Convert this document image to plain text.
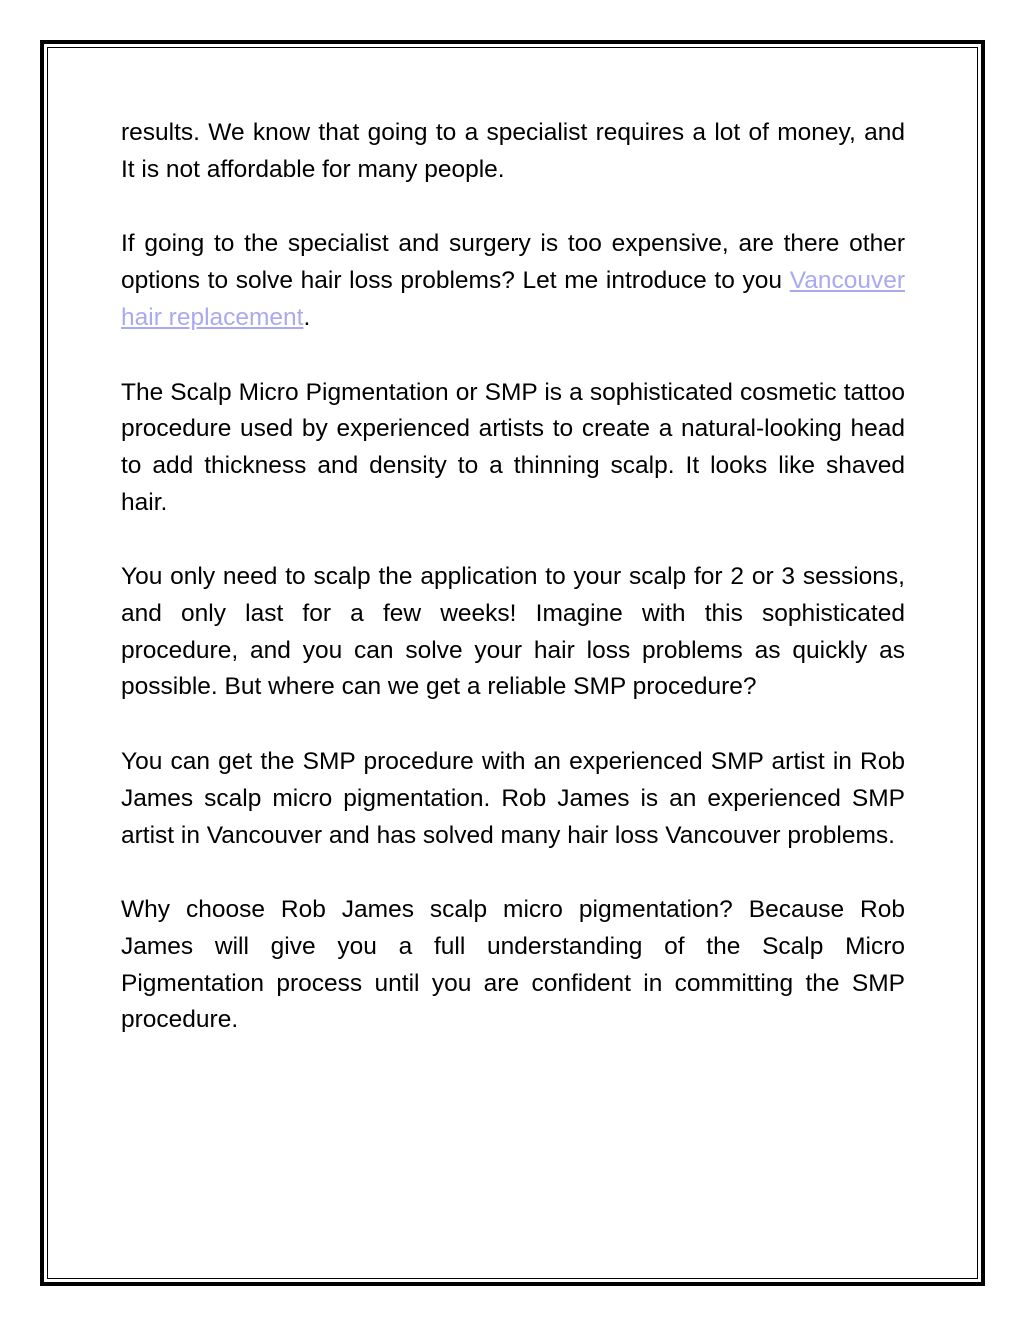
results. We know that going to a specialist requires a lot of money, and It is not affordable for many people.

If going to the specialist and surgery is too expensive, are there other options to solve hair loss problems? Let me introduce to you Vancouver hair replacement.

The Scalp Micro Pigmentation or SMP is a sophisticated cosmetic tattoo procedure used by experienced artists to create a natural-looking head to add thickness and density to a thinning scalp. It looks like shaved hair.

You only need to scalp the application to your scalp for 2 or 3 sessions, and only last for a few weeks! Imagine with this sophisticated procedure, and you can solve your hair loss problems as quickly as possible. But where can we get a reliable SMP procedure?

You can get the SMP procedure with an experienced SMP artist in Rob James scalp micro pigmentation. Rob James is an experienced SMP artist in Vancouver and has solved many hair loss Vancouver problems.

Why choose Rob James scalp micro pigmentation? Because Rob James will give you a full understanding of the Scalp Micro Pigmentation process until you are confident in committing the SMP procedure.
